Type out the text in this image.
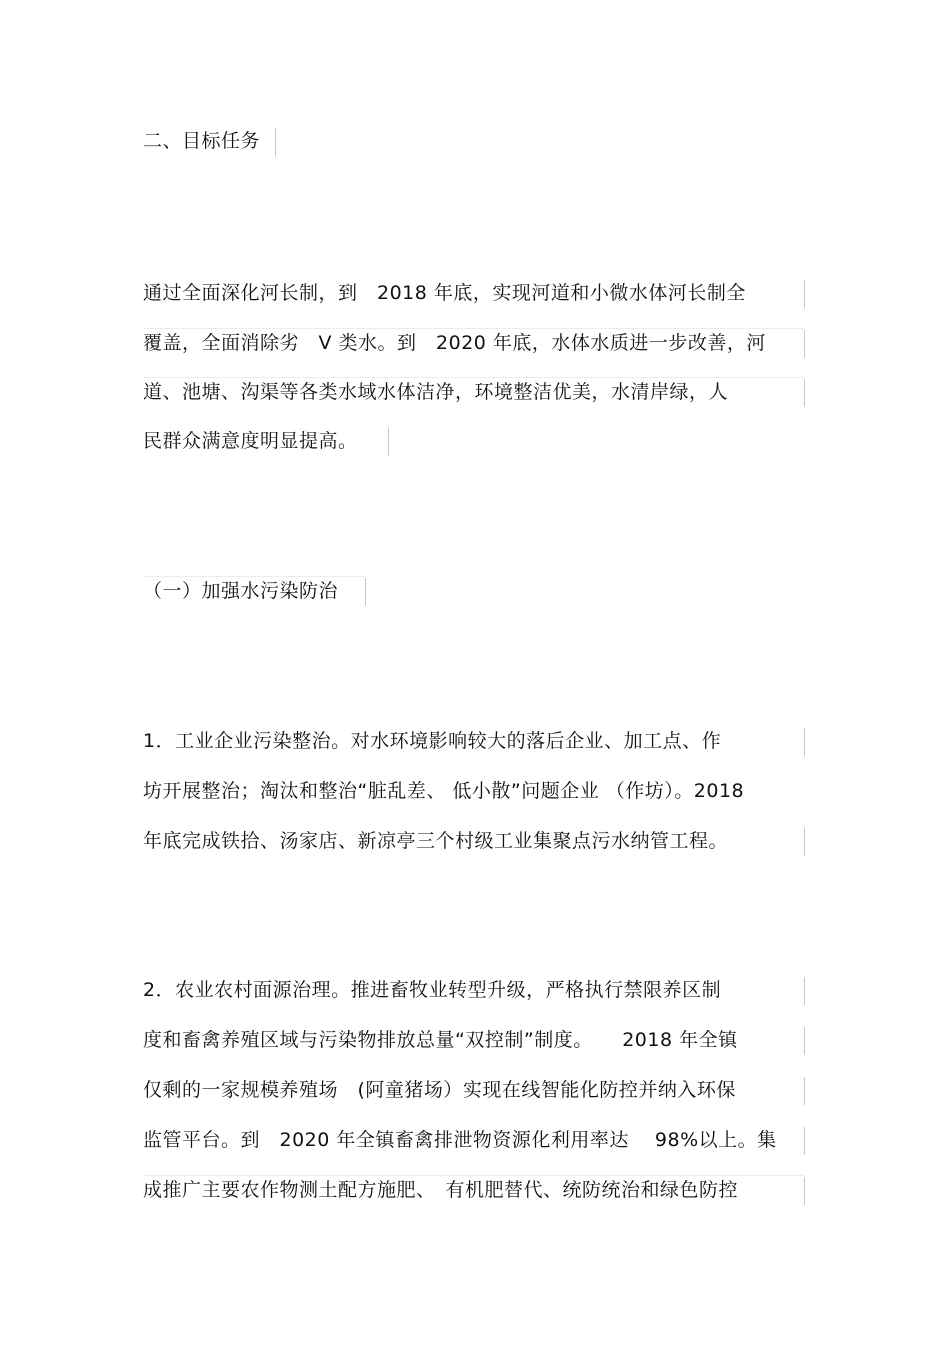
二、目标任务
通过全面深化河长制，到　2018 年底，实现河道和小微水体河长制全
覆盖，全面消除劣　V 类水。到　2020 年底，水体水质进一步改善，河
道、池塘、沟渠等各类水域水体洁净，环境整洁优美，水清岸绿，人
民群众满意度明显提高。
（一）加强水污染防治
1．工业企业污染整治。对水环境影响较大的落后企业、加工点、作
坊开展整治；淘汰和整治“脏乱差、 低小散”问题企业 （作坊）。2018
年底完成铁拾、汤家店、新凉亭三个村级工业集聚点污水纳管工程。
2．农业农村面源治理。推进畜牧业转型升级，严格执行禁限养区制
度和畜禽养殖区域与污染物排放总量“双控制”制度。　　2018 年全镇
仅剩的一家规模养殖场　(阿童猪场）实现在线智能化防控并纳入环保
监管平台。到　2020 年全镇畜禽排泄物资源化利用率达　 98%以上。集
成推广主要农作物测土配方施肥、　有机肥替代、统防统治和绿色防控
